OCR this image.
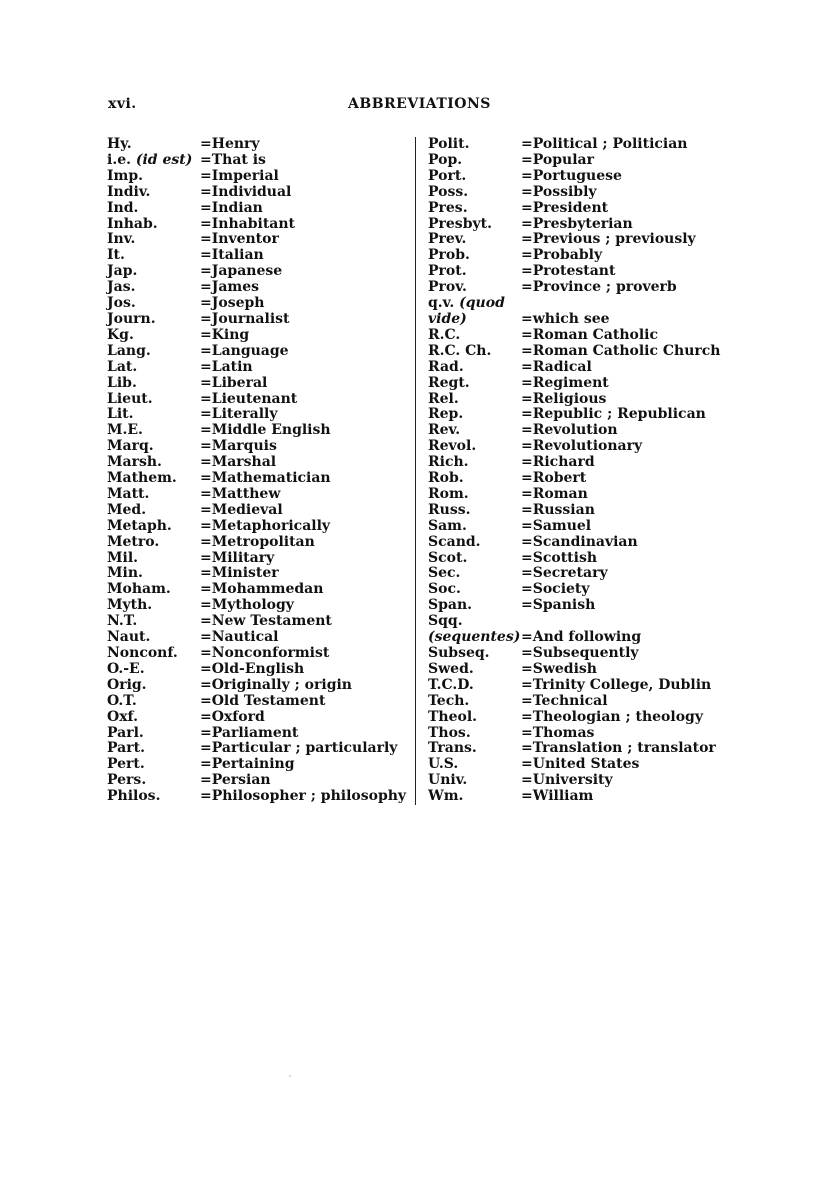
xvi.	ABBREVIATIONS
Hy.	=Henry
i.e. (id est) =That is
Imp.	=Imperial
Indiv.	=Individual
Ind.	=Indian
Inhab.	=Inhabitant
Inv.	=Inventor
It.	=Italian
Jap.	=Japanese
Jas.	=James
Jos.	=Joseph
Journ.	=Journalist
Kg.	=King
Lang.	=Language
Lat.	=Latin
Lib.	=Liberal
Lieut.	=Lieutenant
Lit.	=Literally
M.E.	=Middle English
Marq.	=Marquis
Marsh.	=Marshal
Mathem.	=Mathematician
Matt.	=Matthew
Med.	=Medieval
Metaph.	=Metaphorically
Metro.	=Metropolitan
Mil.	=Military
Min.	=Minister
Moham.	=Mohammedan
Myth.	=Mythology
N.T.	=New Testament
Naut.	=Nautical
Nonconf.	=Nonconformist
O.-E.	=Old-English
Orig.	=Originally ; origin
O.T.	=Old Testament
Oxf.	=Oxford
Parl.	=Parliament
Part.	=Particular ; particularly
Pert.	=Pertaining
Pers.	=Persian
Philos.	=Philosopher ; philosophy
Polit.	=Political ; Politician
Pop.	=Popular
Port.	=Portuguese
Poss.	=Possibly
Pres.	=President
Presbyt.	=Presbyterian
Prev.	=Previous ; previously
Prob.	=Probably
Prot.	=Protestant
Prov.	=Province ; proverb
q.v. (quod vide)	=which see
R.C.	=Roman Catholic
R.C. Ch.	=Roman Catholic Church
Rad.	=Radical
Regt.	=Regiment
Rel.	=Religious
Rep.	=Republic ; Republican
Rev.	=Revolution
Revol.	=Revolutionary
Rich.	=Richard
Rob.	=Robert
Rom.	=Roman
Russ.	=Russian
Sam.	=Samuel
Scand.	=Scandinavian
Scot.	=Scottish
Sec.	=Secretary
Soc.	=Society
Span.	=Spanish
Sqq. (sequentes) =And following
Subseq.	=Subsequently
Swed.	=Swedish
T.C.D.	=Trinity College, Dublin
Tech.	=Technical
Theol.	=Theologian ; theology
Thos.	=Thomas
Trans.	=Translation ; translator
U.S.	=United States
Univ.	=University
Wm.	=William
